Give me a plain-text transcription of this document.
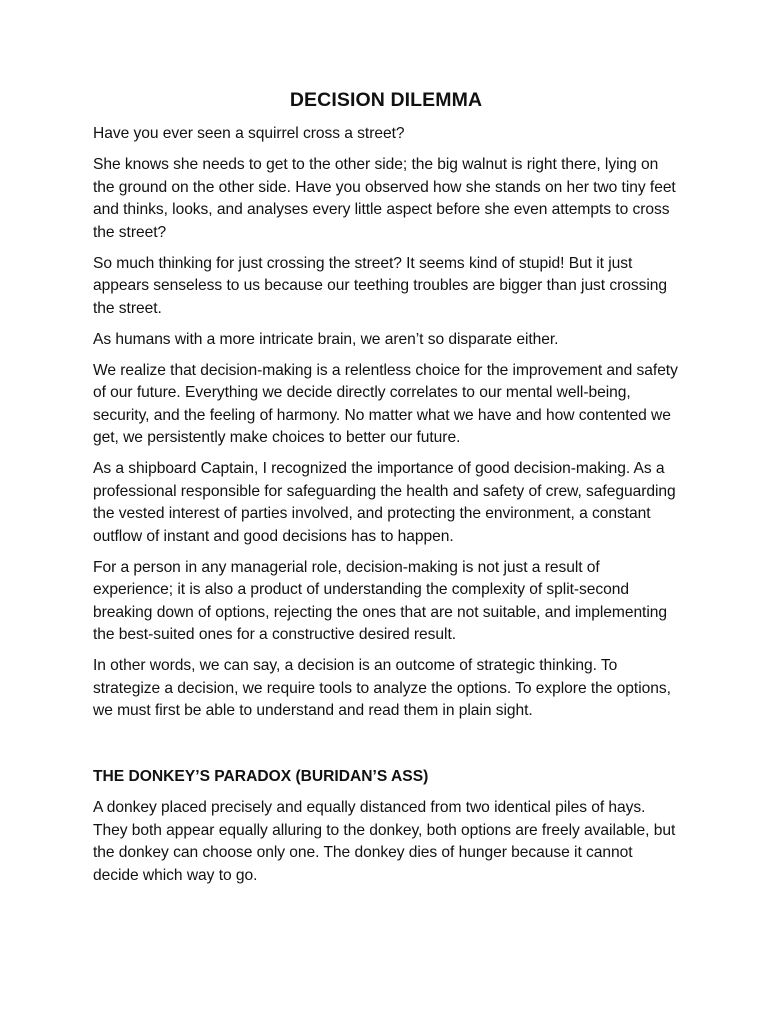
DECISION DILEMMA

Have you ever seen a squirrel cross a street?

She knows she needs to get to the other side; the big walnut is right there, lying on the ground on the other side. Have you observed how she stands on her two tiny feet and thinks, looks, and analyses every little aspect before she even attempts to cross the street?

So much thinking for just crossing the street? It seems kind of stupid! But it just appears senseless to us because our teething troubles are bigger than just crossing the street.

As humans with a more intricate brain, we aren’t so disparate either.

We realize that decision-making is a relentless choice for the improvement and safety of our future. Everything we decide directly correlates to our mental well-being, security, and the feeling of harmony. No matter what we have and how contented we get, we persistently make choices to better our future.

As a shipboard Captain, I recognized the importance of good decision-making. As a professional responsible for safeguarding the health and safety of crew, safeguarding the vested interest of parties involved, and protecting the environment, a constant outflow of instant and good decisions has to happen.

For a person in any managerial role, decision-making is not just a result of experience; it is also a product of understanding the complexity of split-second breaking down of options, rejecting the ones that are not suitable, and implementing the best-suited ones for a constructive desired result.

In other words, we can say, a decision is an outcome of strategic thinking. To strategize a decision, we require tools to analyze the options. To explore the options, we must first be able to understand and read them in plain sight.

THE DONKEY’S PARADOX (BURIDAN’S ASS)

A donkey placed precisely and equally distanced from two identical piles of hays. They both appear equally alluring to the donkey, both options are freely available, but the donkey can choose only one. The donkey dies of hunger because it cannot decide which way to go.
